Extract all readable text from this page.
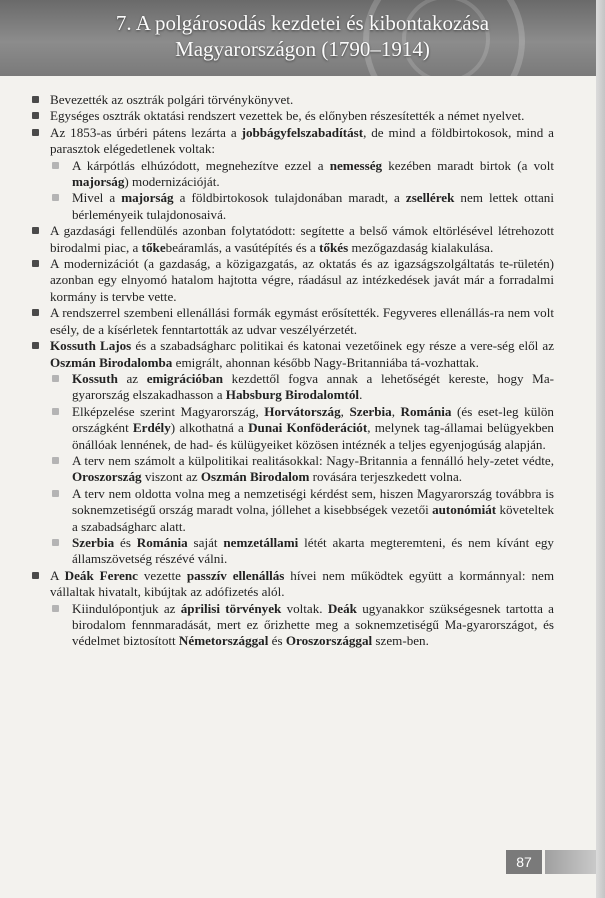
7. A polgárosodás kezdetei és kibontakozása
Magyarországon (1790–1914)
Bevezették az osztrák polgári törvénykönyvet.
Egységes osztrák oktatási rendszert vezettek be, és előnyben részesítették a német nyelvet.
Az 1853-as úrbéri pátens lezárta a jobbágyfelszabadítást, de mind a földbirtokosok, mind a parasztok elégedetlenek voltak:
A kárpótlás elhúzódott, megnehezítve ezzel a nemesség kezében maradt birtok (a volt majorság) modernizációját.
Mivel a majorság a földbirtokosok tulajdonában maradt, a zsellérek nem lettek ottani bérleményeik tulajdonosaivá.
A gazdasági fellendülés azonban folytatódott: segítette a belső vámok eltörlésével létrehozott birodalmi piac, a tőkebeáramlás, a vasútépítés és a tőkés mezőgazdaság kialakulása.
A modernizációt (a gazdaság, a közigazgatás, az oktatás és az igazságszolgáltatás te-rületén) azonban egy elnyomó hatalom hajtotta végre, ráadásul az intézkedések javát már a forradalmi kormány is tervbe vette.
A rendszerrel szembeni ellenállási formák egymást erősítették. Fegyveres ellenállás-ra nem volt esély, de a kísérletek fenntartották az udvar veszélyérzetét.
Kossuth Lajos és a szabadságharc politikai és katonai vezetőinek egy része a vere-ség elől az Oszmán Birodalomba emigrált, ahonnan később Nagy-Britanniába tá-vozhattak.
Kossuth az emigrációban kezdettől fogva annak a lehetőségét kereste, hogy Ma-gyarország elszakadhasson a Habsburg Birodalomtól.
Elképzelése szerint Magyarország, Horvátország, Szerbia, Románia (és eset-leg külön országként Erdély) alkothatná a Dunai Konföderációt, melynek tag-államai belügyekben önállóak lennének, de had- és külügyeiket közösen intéznék a teljes egyenjogúság alapján.
A terv nem számolt a külpolitikai realitásokkal: Nagy-Britannia a fennálló hely-zetet védte, Oroszország viszont az Oszmán Birodalom rovására terjeszkedett volna.
A terv nem oldotta volna meg a nemzetiségi kérdést sem, hiszen Magyarország továbbra is soknemzetiségű ország maradt volna, jóllehet a kisebbségek vezetői autonómiát követeltek a szabadságharc alatt.
Szerbia és Románia saját nemzetállami létét akarta megteremteni, és nem kívánt egy államszövetség részévé válni.
A Deák Ferenc vezette passzív ellenállás hívei nem működtek együtt a kormánnyal: nem vállaltak hivatalt, kibújtak az adófizetés alól.
Kiindulópontjuk az áprilisi törvények voltak. Deák ugyanakkor szükségesnek tartotta a birodalom fennmaradását, mert ez őrizhette meg a soknemzetiségű Ma-gyarországot, és védelmet biztosított Németországgal és Oroszországgal szem-ben.
87
